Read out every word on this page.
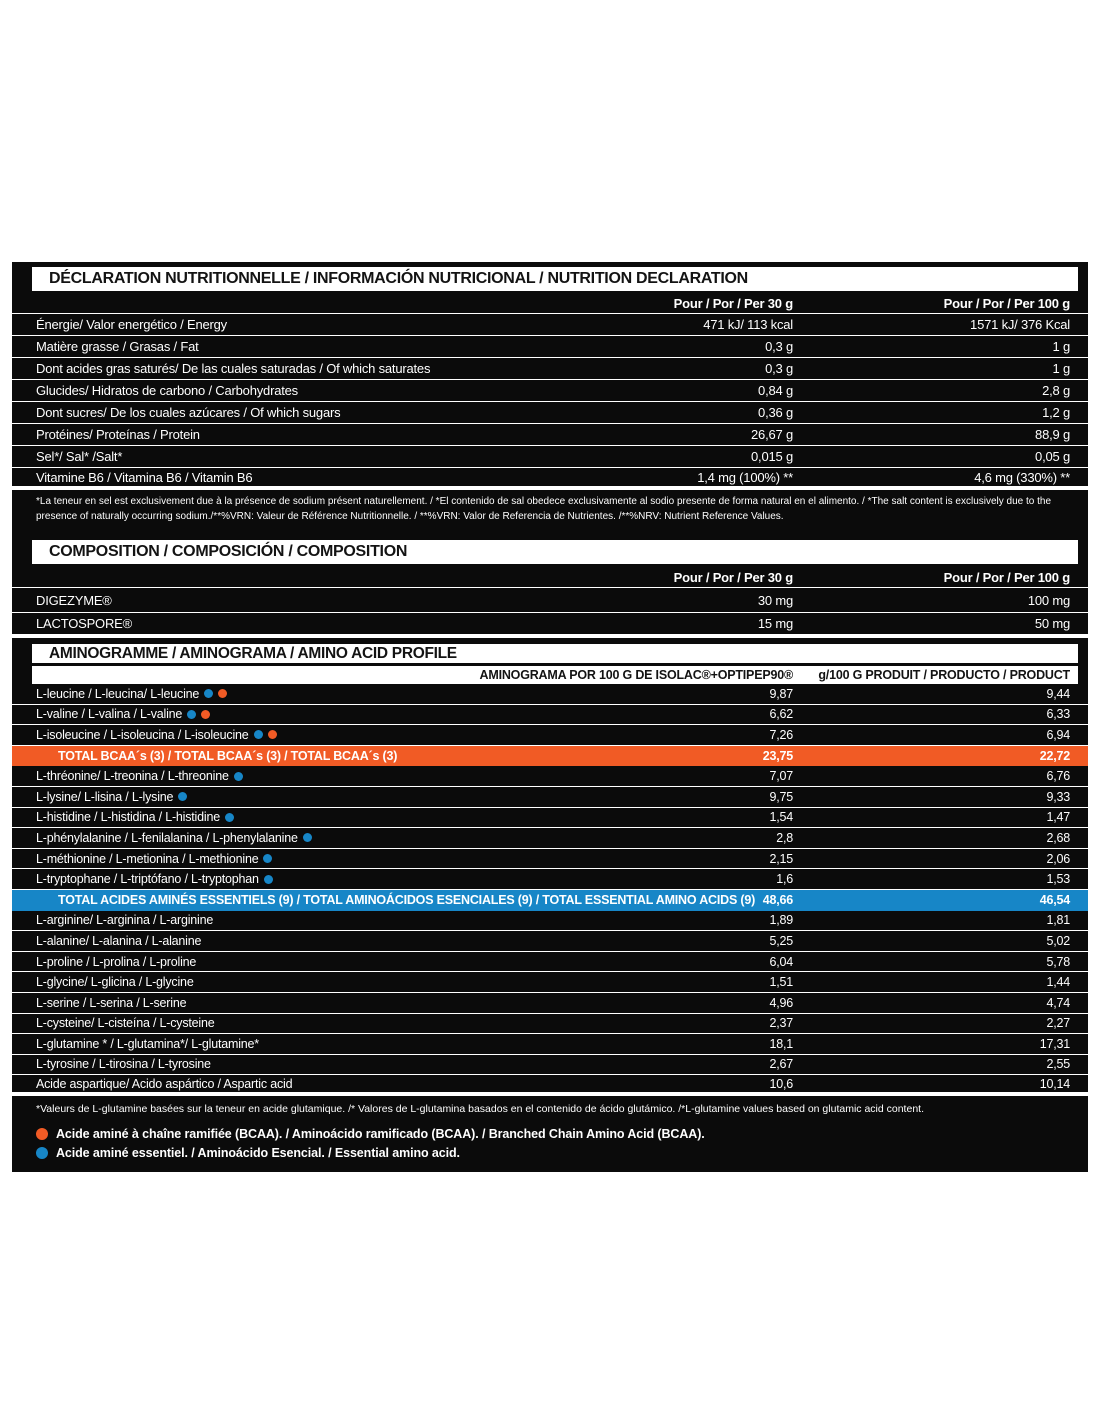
DÉCLARATION NUTRITIONNELLE / INFORMACIÓN NUTRICIONAL / NUTRITION DECLARATION
Pour / Por / Per 30 g	Pour / Por / Per 100 g
Énergie/ Valor energético / Energy	471 kJ/ 113 kcal	1571 kJ/ 376 Kcal
Matière grasse / Grasas / Fat	0,3 g	1 g
Dont acides gras saturés/ De las cuales saturadas / Of which saturates	0,3 g	1 g
Glucides/ Hidratos de carbono / Carbohydrates	0,84 g	2,8 g
Dont sucres/ De los cuales azúcares / Of which sugars	0,36 g	1,2 g
Protéines/ Proteínas / Protein	26,67 g	88,9 g
Sel*/ Sal* /Salt*	0,015 g	0,05 g
Vitamine B6 / Vitamina B6 / Vitamin B6	1,4 mg (100%) **	4,6 mg (330%) **

*La teneur en sel est exclusivement due à la présence de sodium présent naturellement. / *El contenido de sal obedece exclusivamente al sodio presente de forma natural en el alimento. / *The salt content is exclusively due to the presence of naturally occurring sodium./**%VRN: Valeur de Référence Nutritionnelle. / **%VRN: Valor de Referencia de Nutrientes. /**%NRV: Nutrient Reference Values.

COMPOSITION / COMPOSICIÓN / COMPOSITION
Pour / Por / Per 30 g	Pour / Por / Per 100 g
DIGEZYME®	30 mg	100 mg
LACTOSPORE®	15 mg	50 mg
AMINOGRAMME / AMINOGRAMA / AMINO ACID PROFILE
AMINOGRAMA POR 100 G DE ISOLAC®+OPTIPEP90®	g/100 G PRODUIT / PRODUCTO / PRODUCT
L-leucine / L-leucina/ L-leucine	9,87	9,44
L-valine / L-valina / L-valine	6,62	6,33
L-isoleucine / L-isoleucina / L-isoleucine	7,26	6,94
TOTAL BCAA´s (3) / TOTAL BCAA´s (3) / TOTAL BCAA´s (3)	23,75	22,72
L-thréonine/ L-treonina / L-threonine	7,07	6,76
L-lysine/ L-lisina / L-lysine	9,75	9,33
L-histidine / L-histidina / L-histidine	1,54	1,47
L-phénylalanine / L-fenilalanina / L-phenylalanine	2,8	2,68
L-méthionine / L-metionina / L-methionine	2,15	2,06
L-tryptophane / L-triptófano / L-tryptophan	1,6	1,53
TOTAL ACIDES AMINÉS ESSENTIELS (9) / TOTAL AMINOÁCIDOS ESENCIALES (9) / TOTAL ESSENTIAL AMINO ACIDS (9) 48,66	46,54
L-arginine/ L-arginina / L-arginine	1,89	1,81
L-alanine/ L-alanina / L-alanine	5,25	5,02
L-proline / L-prolina / L-proline	6,04	5,78
L-glycine/ L-glicina / L-glycine	1,51	1,44
L-serine / L-serina / L-serine	4,96	4,74
L-cysteine/ L-cisteína / L-cysteine	2,37	2,27
L-glutamine * / L-glutamina*/ L-glutamine*	18,1	17,31
L-tyrosine / L-tirosina / L-tyrosine	2,67	2,55
Acide aspartique/ Acido aspártico / Aspartic acid	10,6	10,14

*Valeurs de L-glutamine basées sur la teneur en acide glutamique. /* Valores de L-glutamina basados en el contenido de ácido glutámico. /*L-glutamine values based on glutamic acid content.

Acide aminé à chaîne ramifiée (BCAA). / Aminoácido ramificado (BCAA). / Branched Chain Amino Acid (BCAA).
Acide aminé essentiel. / Aminoácido Esencial. / Essential amino acid.
